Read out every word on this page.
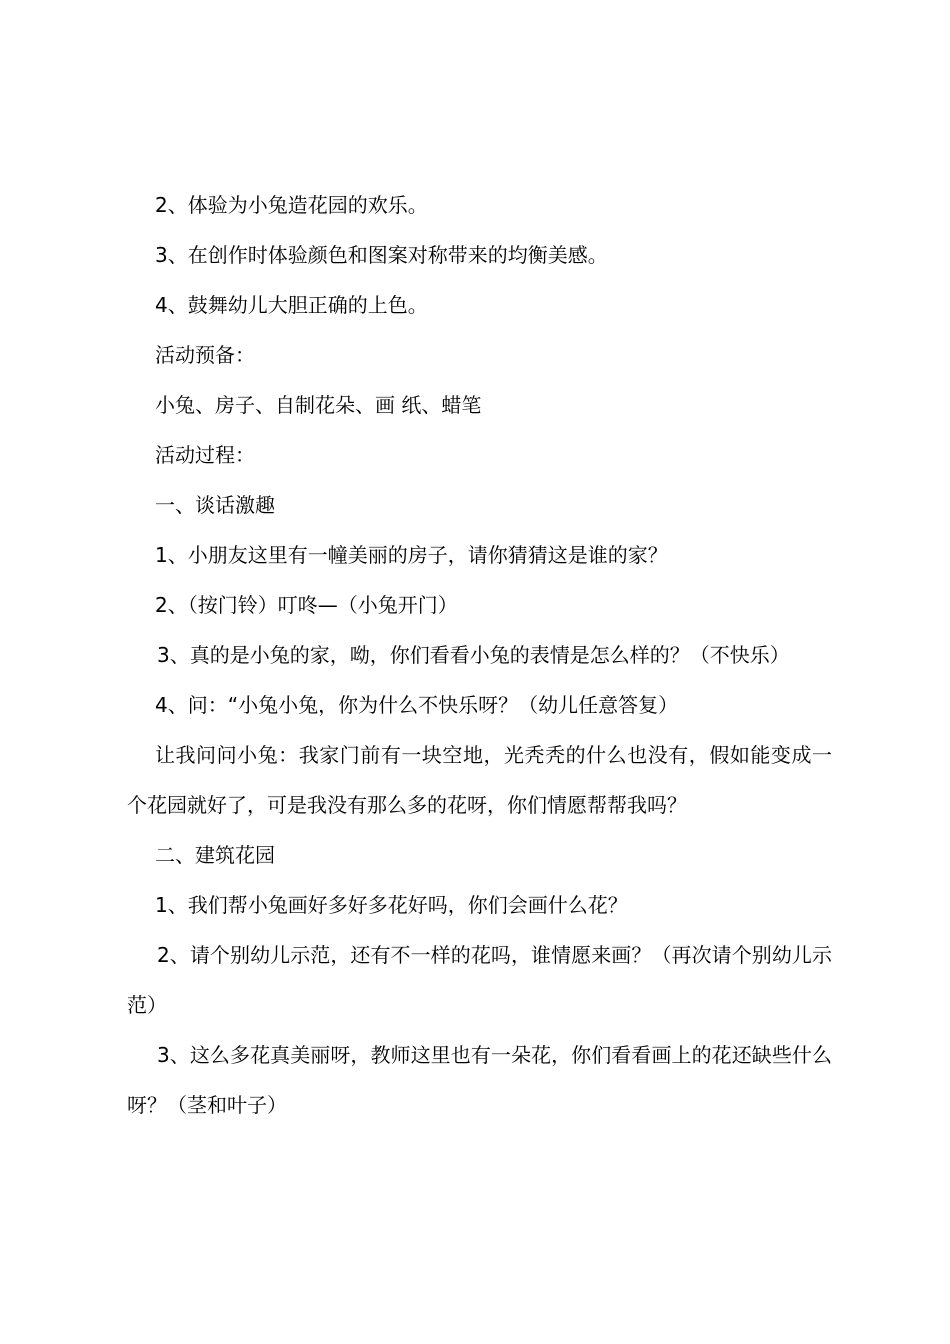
2、体验为小兔造花园的欢乐。

3、在创作时体验颜色和图案对称带来的均衡美感。

4、鼓舞幼儿大胆正确的上色。

活动预备：

小兔、房子、自制花朵、画 纸、蜡笔

活动过程：

一、谈话激趣

1、小朋友这里有一幢美丽的房子，请你猜猜这是谁的家？

2、（按门铃）叮咚—（小兔开门）

3、真的是小兔的家，呦，你们看看小兔的表情是怎么样的？（不快乐）

4、问：“小兔小兔，你为什么不快乐呀？（幼儿任意答复）

让我问问小兔：我家门前有一块空地，光秃秃的什么也没有，假如能变成一个花园就好了，可是我没有那么多的花呀，你们情愿帮帮我吗？

二、建筑花园

1、我们帮小兔画好多好多花好吗，你们会画什么花？

2、请个别幼儿示范，还有不一样的花吗，谁情愿来画？（再次请个别幼儿示范）

3、这么多花真美丽呀，教师这里也有一朵花，你们看看画上的花还缺些什么呀？（茎和叶子）
